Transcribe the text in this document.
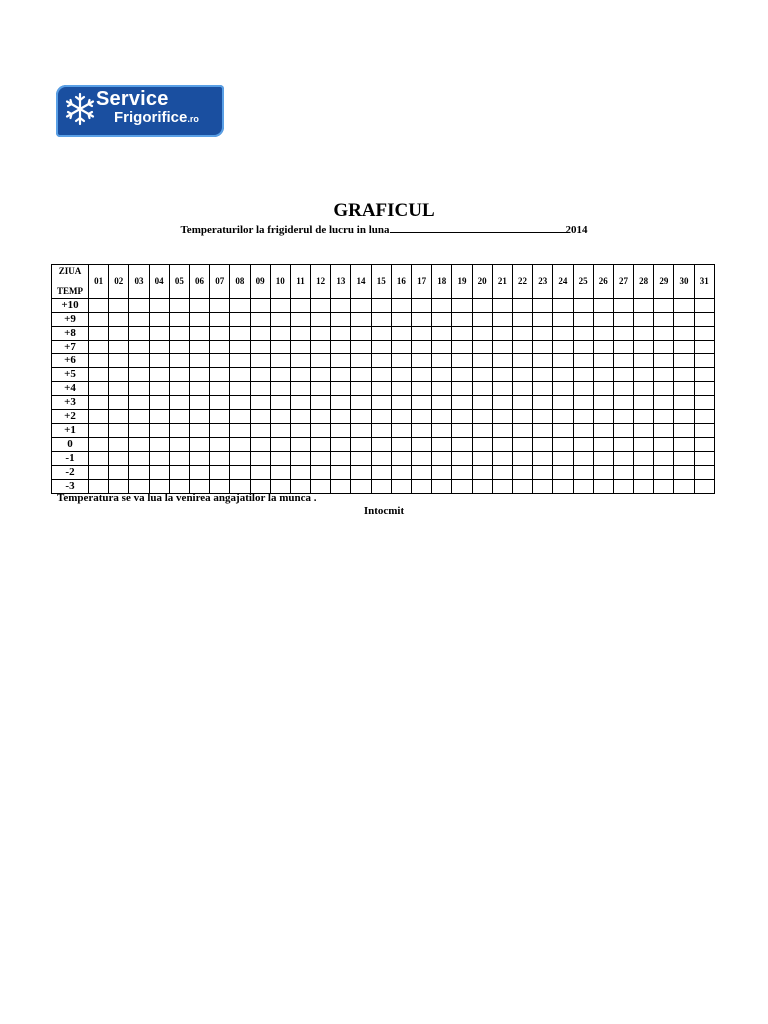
Service
Frigorifice.ro
GRAFICUL
Temperaturilor la frigiderul de lucru in luna	2014
ZIUA
TEMP	01	02	03	04	05	06	07	08	09	10	11	12	13	14	15	16	17	18	19	20	21	22	23	24	25	26	27	28	29	30	31
+10																															
+9																															
+8																															
+7																															
+6																															
+5																															
+4																															
+3																															
+2																															
+1																															
0																															
-1																															
-2																															
-3																															
Temperatura se va lua la venirea angajatilor la munca .
Intocmit
